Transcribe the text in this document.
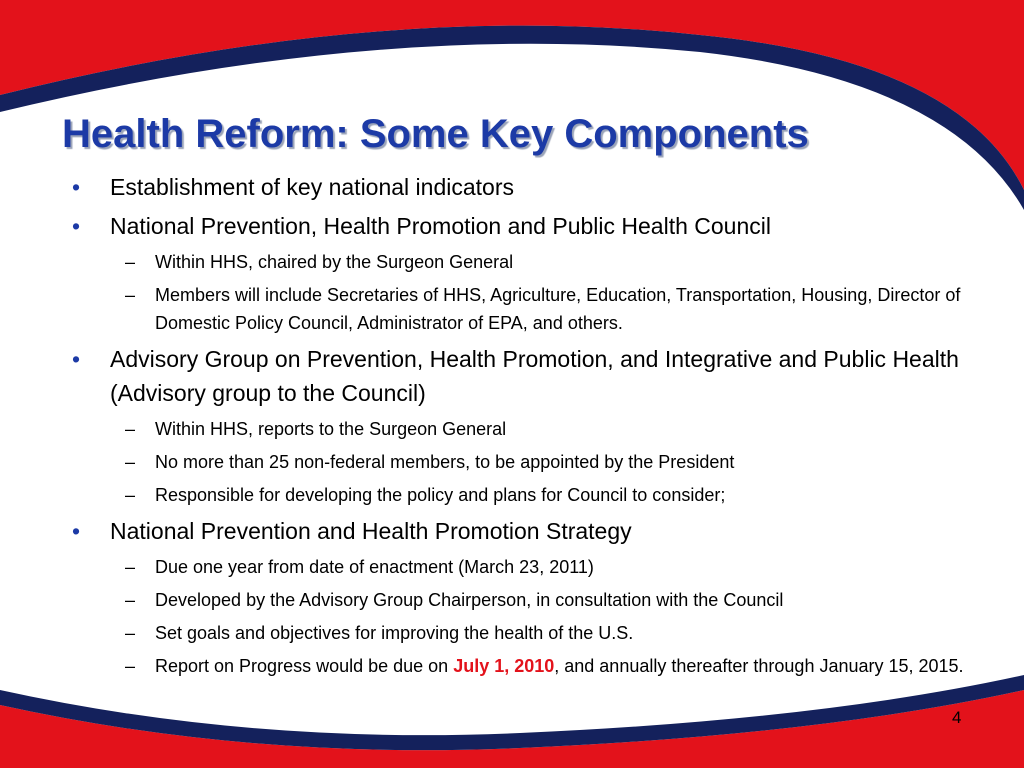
Health Reform: Some Key Components
• Establishment of key national indicators
• National Prevention, Health Promotion and Public Health Council
– Within HHS, chaired by the Surgeon General
– Members will include Secretaries of HHS, Agriculture, Education, Transportation, Housing, Director of Domestic Policy Council, Administrator of EPA, and others.
• Advisory Group on Prevention, Health Promotion, and Integrative and Public Health (Advisory group to the Council)
– Within HHS, reports to the Surgeon General
– No more than 25 non-federal members, to be appointed by the President
– Responsible for developing the policy and plans for Council to consider;
• National Prevention and Health Promotion Strategy
– Due one year from date of enactment (March 23, 2011)
– Developed by the Advisory Group Chairperson, in consultation with the Council
– Set goals and objectives for improving the health of the U.S.
– Report on Progress would be due on July 1, 2010, and annually thereafter through January 15, 2015.
4
